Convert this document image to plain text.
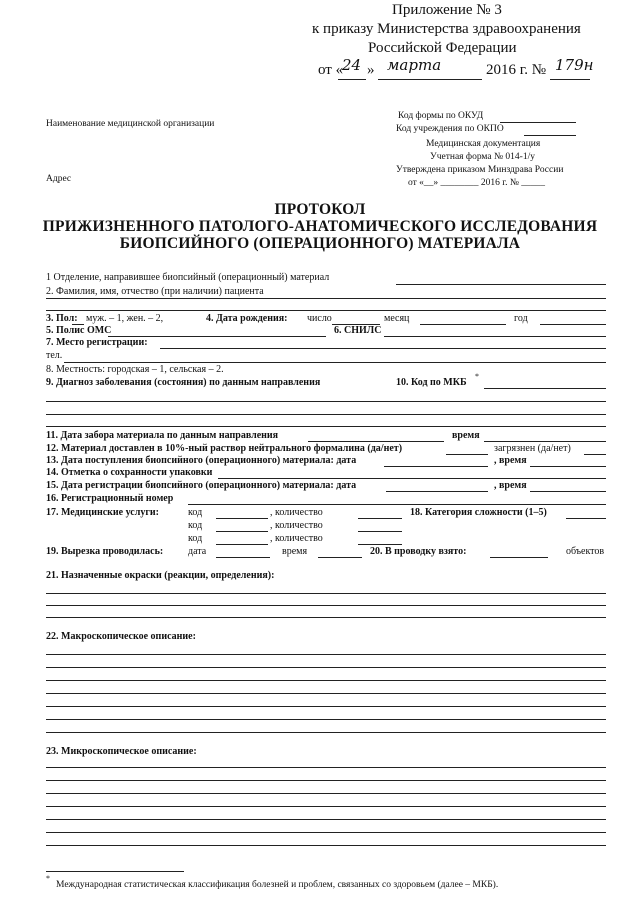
Приложение № 3
к приказу Министерства здравоохранения
Российской Федерации
от «
24 » марта	2016 г. № 179н
Наименование медицинской организации
Адрес
Код формы по ОКУД
Код учреждения по ОКПО
Медицинская документация
Учетная форма № 014-1/у
Утверждена приказом Минздрава России
от «__» ________ 2016 г. № _____
ПРОТОКОЛ
ПРИЖИЗНЕННОГО ПАТОЛОГО-АНАТОМИЧЕСКОГО ИССЛЕДОВАНИЯ
БИОПСИЙНОГО (ОПЕРАЦИОННОГО) МАТЕРИАЛА
1 Отделение, направившее биопсийный (операционный) материал
2. Фамилия, имя, отчество (при наличии) пациента
3. Пол: муж. – 1, жен. – 2,	4. Дата рождения: число	месяц	год
5. Полис ОМС	6. СНИЛС
7. Место регистрации:
тел.
8. Местность: городская – 1, сельская – 2.
9. Диагноз заболевания (состояния) по данным направления	10. Код по МКБ
*
11. Дата забора материала по данным направления	время
12. Материал доставлен в 10%-ный раствор нейтрального формалина (да/нет)	загрязнен (да/нет)
13. Дата поступления биопсийного (операционного) материала: дата	, время
14. Отметка о сохранности упаковки
15. Дата регистрации биопсийного (операционного) материала: дата	, время
16. Регистрационный номер
17. Медицинские услуги:	код	, количество	18. Категория сложности (1–5)
код	, количество
код	, количество
19. Вырезка проводилась: дата	время	20. В проводку взято:	объектов
21. Назначенные окраски (реакции, определения):
22. Макроскопическое описание:
23. Микроскопическое описание:
*
Международная статистическая классификация болезней и проблем, связанных со здоровьем (далее – МКБ).
